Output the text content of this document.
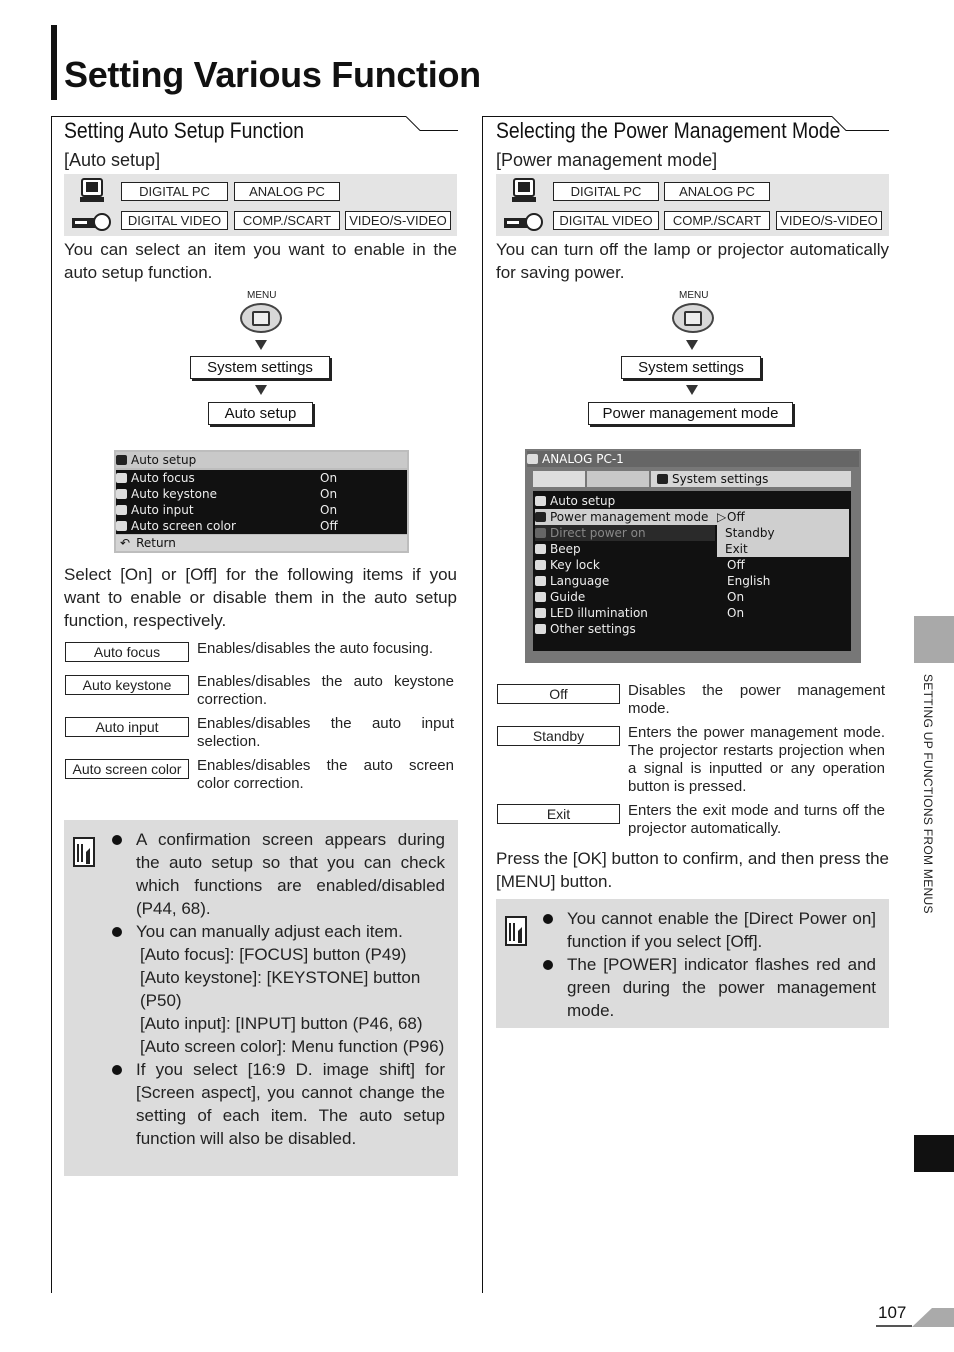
Setting Various Function
Setting Auto Setup Function
[Auto setup]
DIGITAL PC	ANALOG PC
DIGITAL VIDEO	COMP./SCART	VIDEO/S-VIDEO
You can select an item you want to enable in the auto setup function.
MENU
System settings
Auto setup
Auto setup
Auto focus	On
Auto keystone	On
Auto input	On
Auto screen color	Off
↶ Return
Select [On] or [Off] for the following items if you want to enable or disable them in the auto setup function, respectively.
Auto focus	Enables/disables the auto focusing.
Auto keystone	Enables/disables the auto keystone correction.
Auto input	Enables/disables the auto input selection.
Auto screen color	Enables/disables the auto screen color correction.
A confirmation screen appears during the auto setup so that you can check which functions are enabled/disabled (P44, 68).
You can manually adjust each item.
[Auto focus]: [FOCUS] button (P49)
[Auto keystone]: [KEYSTONE] button (P50)
[Auto input]: [INPUT] button (P46, 68)
[Auto screen color]: Menu function (P96)
If you select [16:9 D. image shift] for [Screen aspect], you cannot change the setting of each item. The auto setup function will also be disabled.
Selecting the Power Management Mode
[Power management mode]
DIGITAL PC	ANALOG PC
DIGITAL VIDEO	COMP./SCART	VIDEO/S-VIDEO
You can turn off the lamp or projector automatically for saving power.
MENU
System settings
Power management mode
ANALOG PC-1
System settings
Auto setup
Power management mode ▷ Off
Direct power on	Standby
Beep	Exit
Key lock	Off
Language	English
Guide	On
LED illumination	On
Other settings
Off	Disables the power management mode.
Standby	Enters the power management mode. The projector restarts projection when a signal is inputted or any operation button is pressed.
Exit	Enters the exit mode and turns off the projector automatically.
Press the [OK] button to confirm, and then press the [MENU] button.
You cannot enable the [Direct Power on] function if you select [Off].
The [POWER] indicator flashes red and green during the power management mode.
SETTING UP FUNCTIONS FROM MENUS
107
